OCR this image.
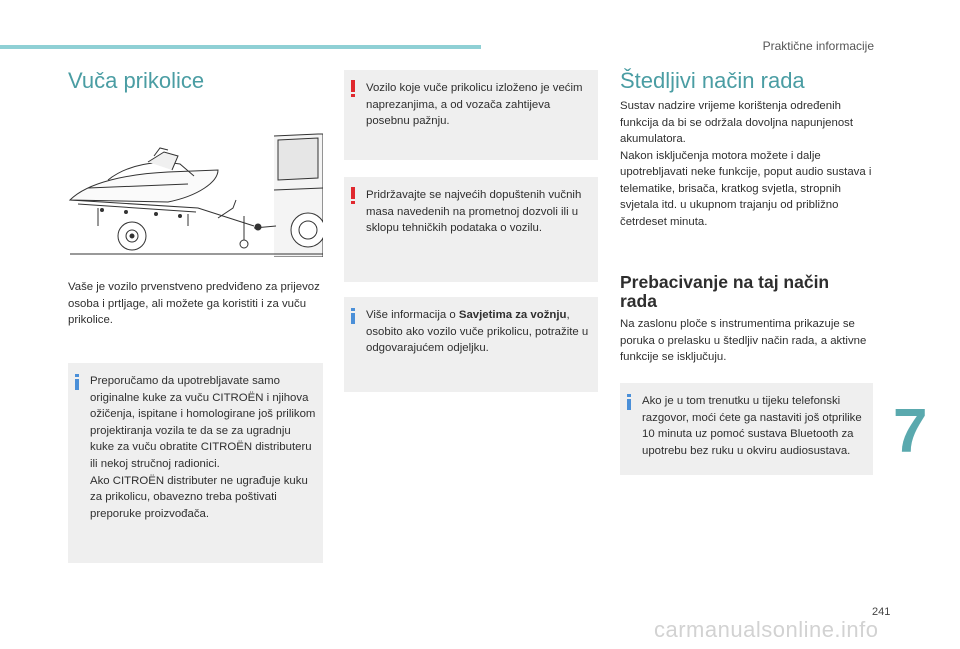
Praktične informacije
Vuča prikolice
Vaše je vozilo prvenstveno predviđeno za prijevoz osoba i prtljage, ali možete ga koristiti i za vuču prikolice.
Preporučamo da upotrebljavate samo originalne kuke za vuču CITROËN i njihova ožičenja, ispitane i homologirane još prilikom projektiranja vozila te da se za ugradnju kuke za vuču obratite CITROËN distributeru ili nekoj stručnoj radionici.
Ako CITROËN distributer ne ugrađuje kuku za prikolicu, obavezno treba poštivati preporuke proizvođača.
Vozilo koje vuče prikolicu izloženo je većim naprezanjima, a od vozača zahtijeva posebnu pažnju.
Pridržavajte se najvećih dopuštenih vučnih masa navedenih na prometnoj dozvoli ili u sklopu tehničkih podataka o vozilu.
Više informacija o Savjetima za vožnju, osobito ako vozilo vuče prikolicu, potražite u odgovarajućem odjeljku.
Štedljivi način rada
Sustav nadzire vrijeme korištenja određenih funkcija da bi se održala dovoljna napunjenost akumulatora.
Nakon isključenja motora možete i dalje upotrebljavati neke funkcije, poput audio sustava i telematike, brisača, kratkog svjetla, stropnih svjetala itd. u ukupnom trajanju od približno četrdeset minuta.
Prebacivanje na taj način rada
Na zaslonu ploče s instrumentima prikazuje se poruka o prelasku u štedljiv način rada, a aktivne funkcije se isključuju.
Ako je u tom trenutku u tijeku telefonski razgovor, moći ćete ga nastaviti još otprilike 10 minuta uz pomoć sustava Bluetooth za upotrebu bez ruku u okviru audiosustava. 7
241
carmanualsonline.info
